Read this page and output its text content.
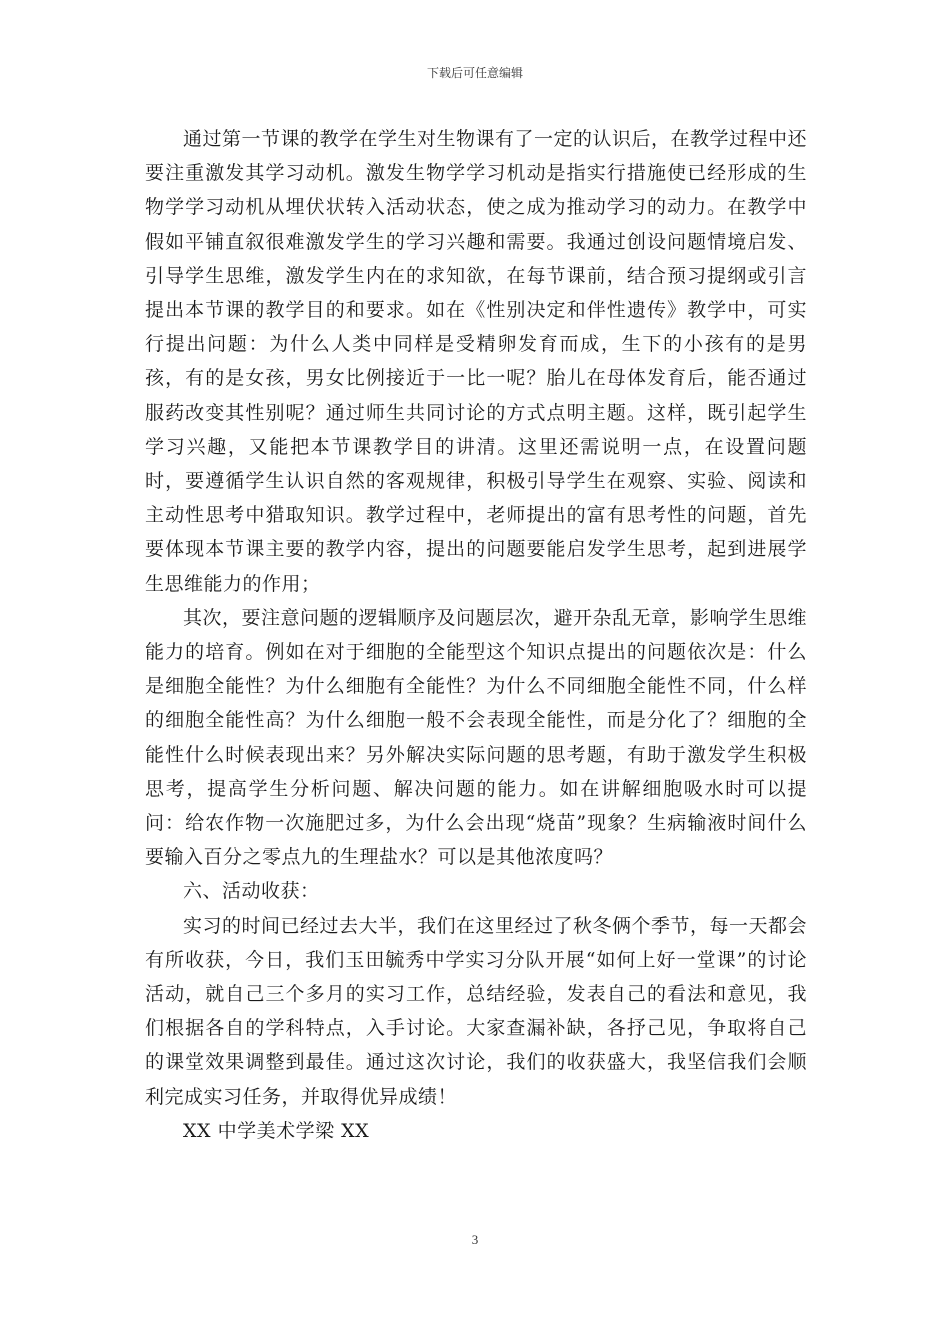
下载后可任意编辑

通过第一节课的教学在学生对生物课有了一定的认识后，在教学过程中还要注重激发其学习动机。激发生物学学习机动是指实行措施使已经形成的生物学学习动机从埋伏状转入活动状态，使之成为推动学习的动力。在教学中假如平铺直叙很难激发学生的学习兴趣和需要。我通过创设问题情境启发、引导学生思维，激发学生内在的求知欲，在每节课前，结合预习提纲或引言提出本节课的教学目的和要求。如在《性别决定和伴性遗传》教学中，可实行提出问题：为什么人类中同样是受精卵发育而成，生下的小孩有的是男孩，有的是女孩，男女比例接近于一比一呢？胎儿在母体发育后，能否通过服药改变其性别呢？通过师生共同讨论的方式点明主题。这样，既引起学生学习兴趣，又能把本节课教学目的讲清。这里还需说明一点，在设置问题时，要遵循学生认识自然的客观规律，积极引导学生在观察、实验、阅读和主动性思考中猎取知识。教学过程中，老师提出的富有思考性的问题，首先要体现本节课主要的教学内容，提出的问题要能启发学生思考，起到进展学生思维能力的作用；

其次，要注意问题的逻辑顺序及问题层次，避开杂乱无章，影响学生思维能力的培育。例如在对于细胞的全能型这个知识点提出的问题依次是：什么是细胞全能性？为什么细胞有全能性？为什么不同细胞全能性不同，什么样的细胞全能性高？为什么细胞一般不会表现全能性，而是分化了？细胞的全能性什么时候表现出来？另外解决实际问题的思考题，有助于激发学生积极思考，提高学生分析问题、解决问题的能力。如在讲解细胞吸水时可以提问：给农作物一次施肥过多，为什么会出现“烧苗”现象？生病输液时间什么要输入百分之零点九的生理盐水？可以是其他浓度吗？

六、活动收获：

实习的时间已经过去大半，我们在这里经过了秋冬俩个季节，每一天都会有所收获，今日，我们玉田毓秀中学实习分队开展“如何上好一堂课”的讨论活动，就自己三个多月的实习工作，总结经验，发表自己的看法和意见，我们根据各自的学科特点，入手讨论。大家查漏补缺，各抒己见，争取将自己的课堂效果调整到最佳。通过这次讨论，我们的收获盛大，我坚信我们会顺利完成实习任务，并取得优异成绩！

XX 中学美术学梁 XX

3
